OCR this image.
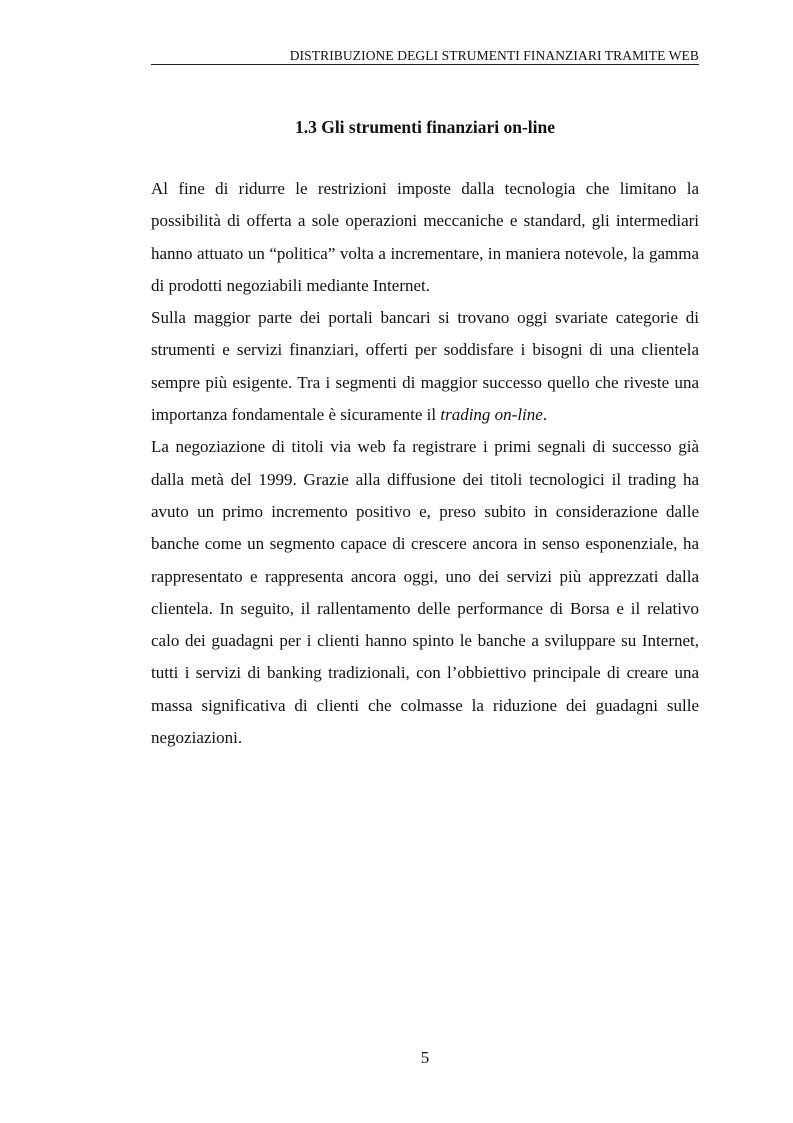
DISTRIBUZIONE DEGLI STRUMENTI FINANZIARI TRAMITE WEB
1.3 Gli strumenti finanziari on-line

Al fine di ridurre le restrizioni imposte dalla tecnologia che limitano la possibilità di offerta a sole operazioni meccaniche e standard, gli intermediari hanno attuato un “politica” volta a incrementare, in maniera notevole, la gamma di prodotti negoziabili mediante Internet.

Sulla maggior parte dei portali bancari si trovano oggi svariate categorie di strumenti e servizi finanziari, offerti per soddisfare i bisogni di una clientela sempre più esigente. Tra i segmenti di maggior successo quello che riveste una importanza fondamentale è sicuramente il trading on-line.

La negoziazione di titoli via web fa registrare i primi segnali di successo già dalla metà del 1999. Grazie alla diffusione dei titoli tecnologici il trading ha avuto un primo incremento positivo e, preso subito in considerazione dalle banche come un segmento capace di crescere ancora in senso esponenziale, ha rappresentato e rappresenta ancora oggi, uno dei servizi più apprezzati dalla clientela. In seguito, il rallentamento delle performance di Borsa e il relativo calo dei guadagni per i clienti hanno spinto le banche a sviluppare su Internet, tutti i servizi di banking tradizionali, con l’obbiettivo principale di creare una massa significativa di clienti che colmasse la riduzione dei guadagni sulle negoziazioni.

5
